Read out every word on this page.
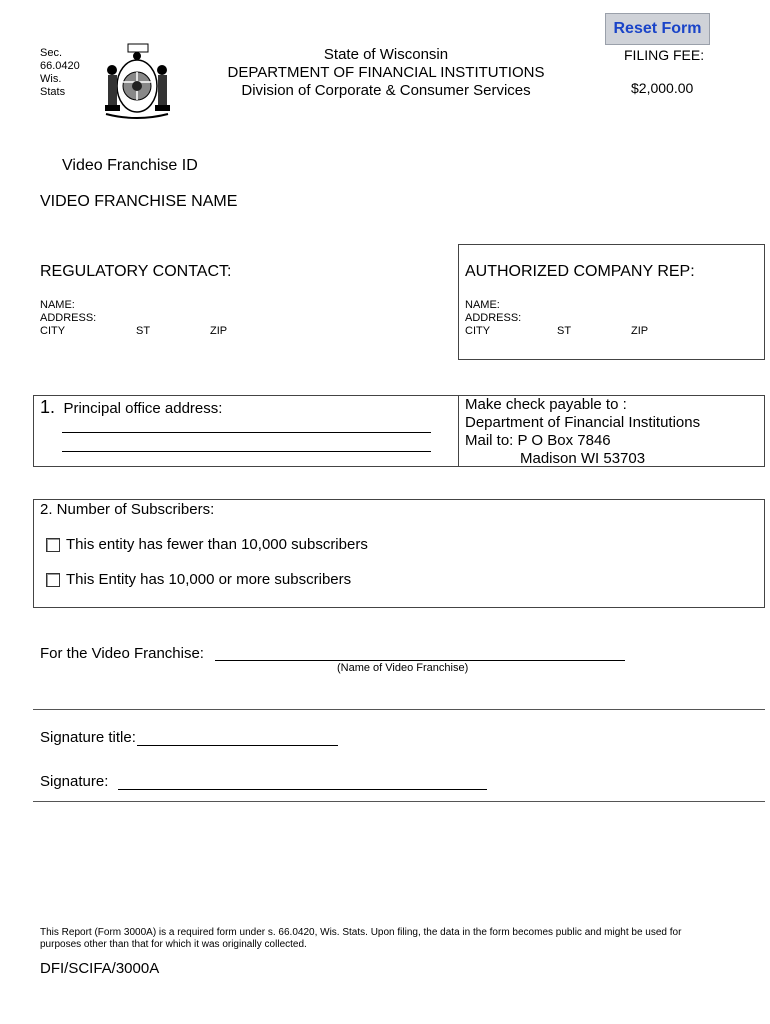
Sec.
66.0420
Wis.
Stats
State of Wisconsin
DEPARTMENT OF FINANCIAL INSTITUTIONS
Division of Corporate & Consumer Services
Reset Form
FILING FEE:
$2,000.00
Video Franchise ID
VIDEO FRANCHISE NAME
REGULATORY CONTACT:
NAME:
ADDRESS:
CITY	ST	ZIP
AUTHORIZED COMPANY REP:
NAME:
ADDRESS:
CITY	ST	ZIP
1. Principal office address:	Make check payable to :
Department of Financial Institutions
Mail to: P O Box 7846
Madison WI 53703
2. Number of Subscribers:
This entity has fewer than 10,000 subscribers
This Entity has 10,000 or more subscribers
For the Video Franchise:
(Name of Video Franchise)
Signature title:
Signature:
This Report (Form 3000A) is a required form under s. 66.0420, Wis. Stats. Upon filing, the data in the form becomes public and might be used for purposes other than that for which it was originally collected.
DFI/SCIFA/3000A
